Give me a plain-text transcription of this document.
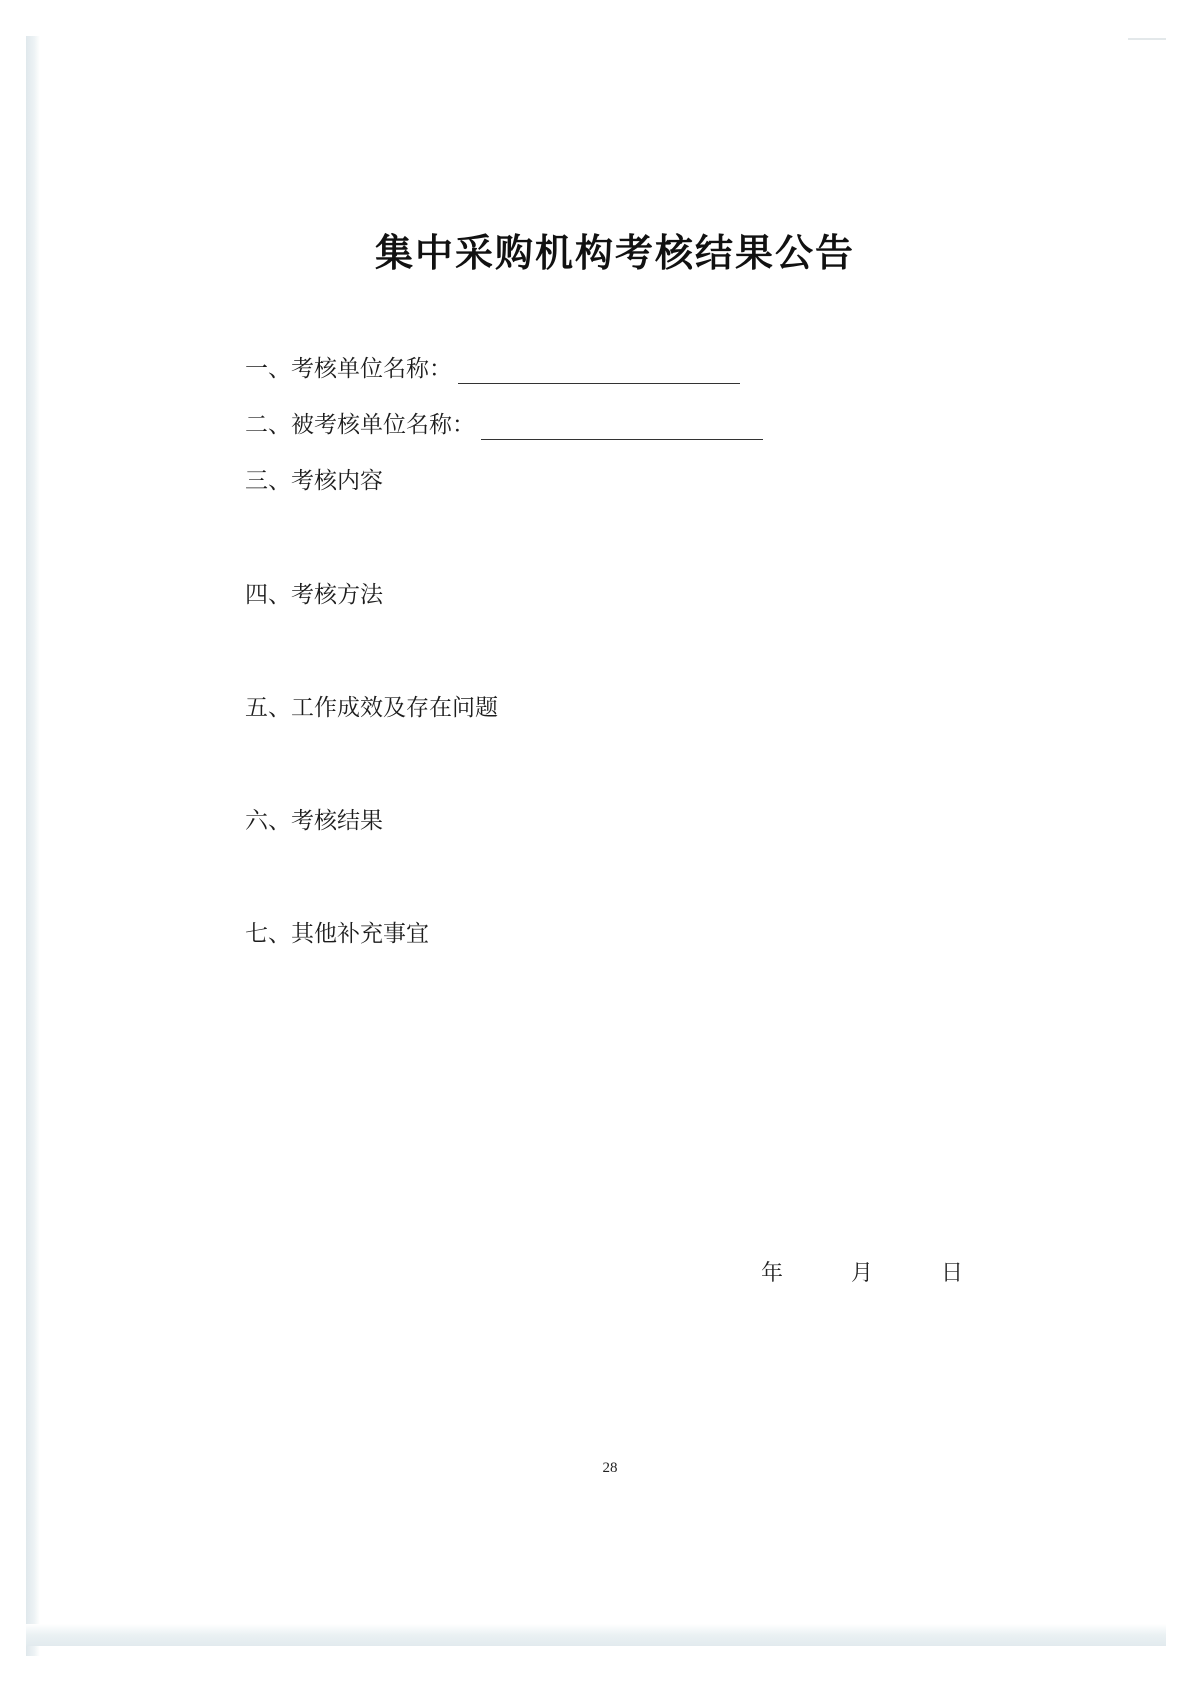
集中采购机构考核结果公告
一、考核单位名称：
二、被考核单位名称：
三、考核内容
四、考核方法
五、工作成效及存在问题
六、考核结果
七、其他补充事宜
年	月	日
28
